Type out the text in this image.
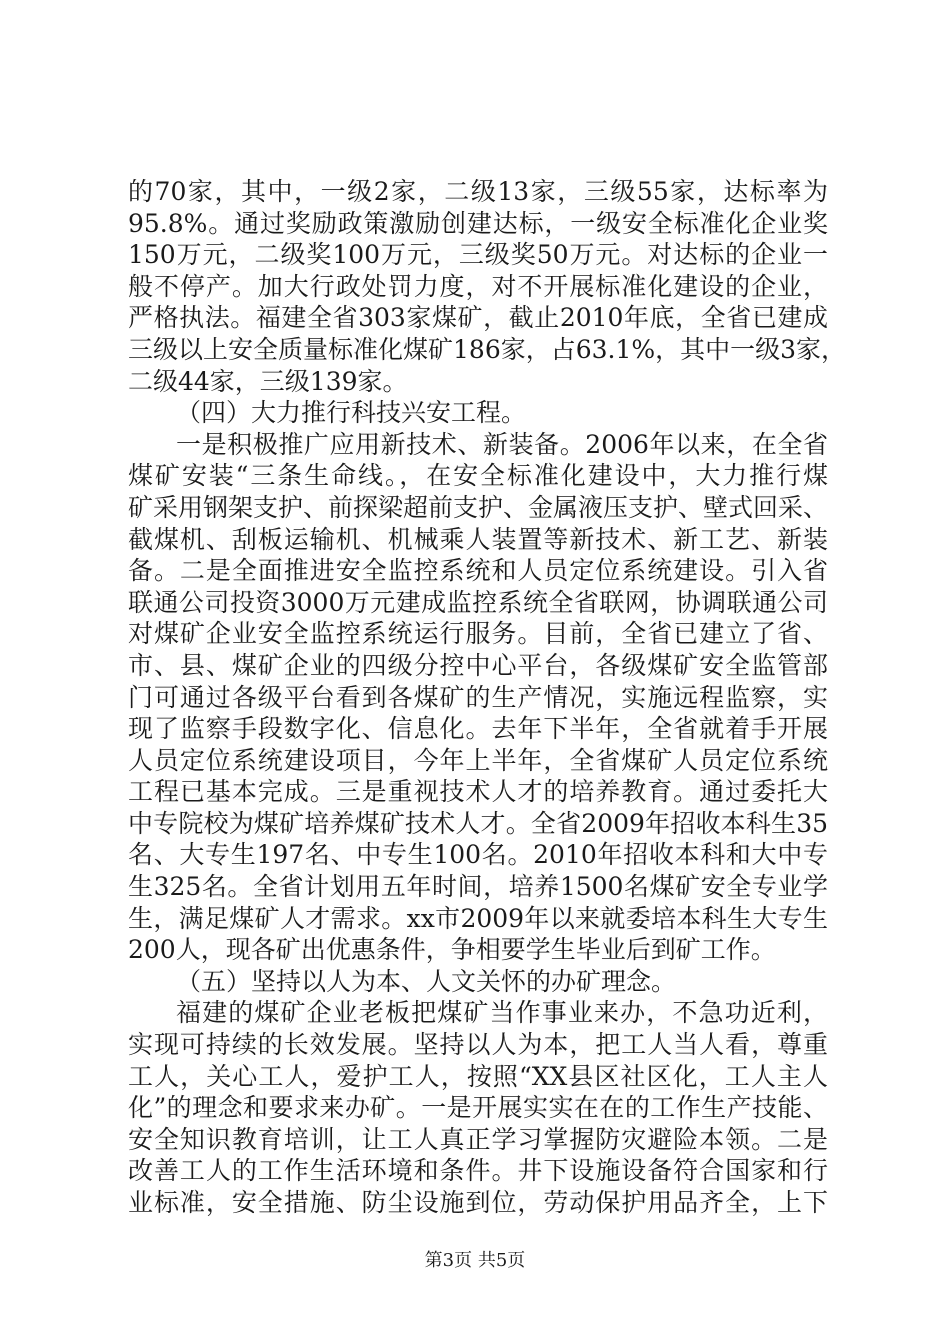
的70家，其中，一级2家，二级13家，三级55家，达标率为
95.8%。通过奖励政策激励创建达标，一级安全标准化企业奖
150万元，二级奖100万元，三级奖50万元。对达标的企业一
般不停产。加大行政处罚力度，对不开展标准化建设的企业，
严格执法。福建全省303家煤矿，截止2010年底，全省已建成
三级以上安全质量标准化煤矿186家，占63.1%，其中一级3家，
二级44家，三级139家。
（四）大力推行科技兴安工程。
一是积极推广应用新技术、新装备。2006年以来，在全省
煤矿安装“三条生命线。，在安全标准化建设中，大力推行煤
矿采用钢架支护、前探梁超前支护、金属液压支护、壁式回采、
截煤机、刮板运输机、机械乘人装置等新技术、新工艺、新装
备。二是全面推进安全监控系统和人员定位系统建设。引入省
联通公司投资3000万元建成监控系统全省联网，协调联通公司
对煤矿企业安全监控系统运行服务。目前，全省已建立了省、
市、县、煤矿企业的四级分控中心平台，各级煤矿安全监管部
门可通过各级平台看到各煤矿的生产情况，实施远程监察，实
现了监察手段数字化、信息化。去年下半年，全省就着手开展
人员定位系统建设项目，今年上半年，全省煤矿人员定位系统
工程已基本完成。三是重视技术人才的培养教育。通过委托大
中专院校为煤矿培养煤矿技术人才。全省2009年招收本科生35
名、大专生197名、中专生100名。2010年招收本科和大中专
生325名。全省计划用五年时间，培养1500名煤矿安全专业学
生，满足煤矿人才需求。xx市2009年以来就委培本科生大专生
200人，现各矿出优惠条件，争相要学生毕业后到矿工作。
（五）坚持以人为本、人文关怀的办矿理念。
福建的煤矿企业老板把煤矿当作事业来办，不急功近利，
实现可持续的长效发展。坚持以人为本，把工人当人看，尊重
工人，关心工人，爱护工人，按照“XX县区社区化，工人主人
化”的理念和要求来办矿。一是开展实实在在的工作生产技能、
安全知识教育培训，让工人真正学习掌握防灾避险本领。二是
改善工人的工作生活环境和条件。井下设施设备符合国家和行
业标准，安全措施、防尘设施到位，劳动保护用品齐全，上下
第3页 共5页
